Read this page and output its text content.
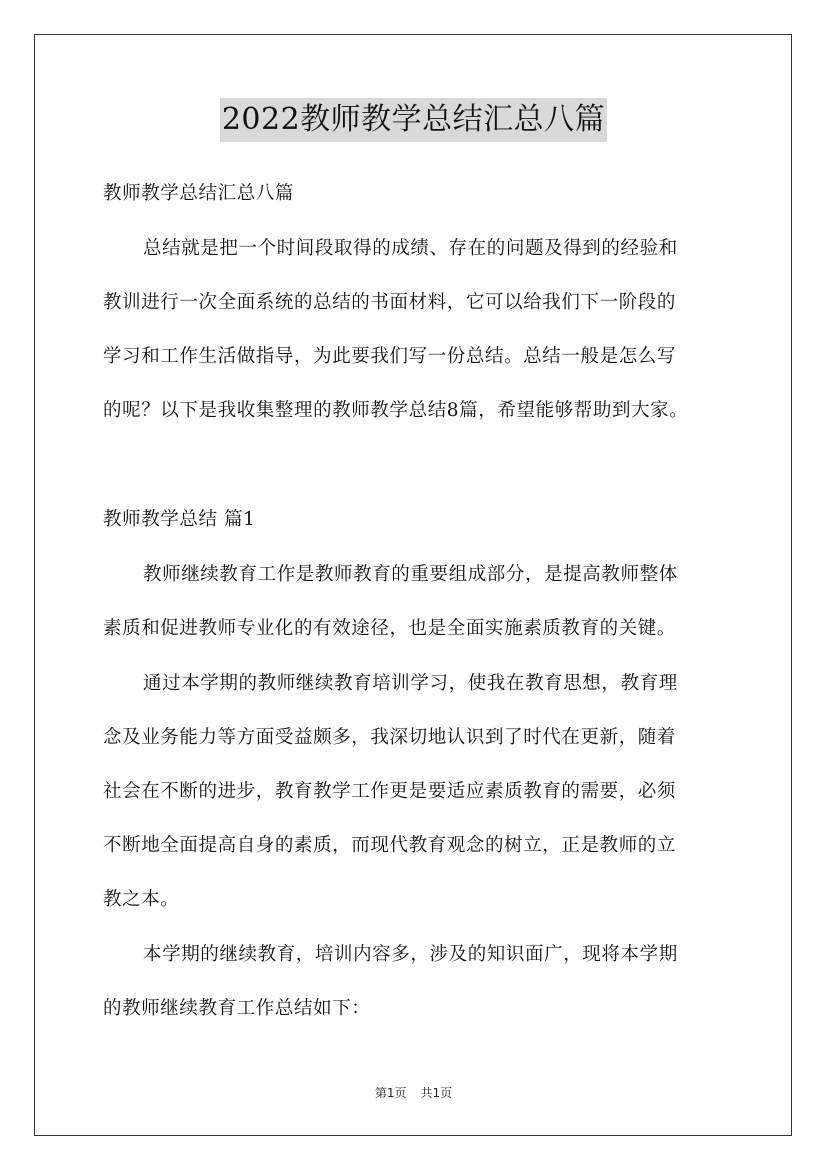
2022教师教学总结汇总八篇
教师教学总结汇总八篇
总结就是把一个时间段取得的成绩、存在的问题及得到的经验和
教训进行一次全面系统的总结的书面材料，它可以给我们下一阶段的
学习和工作生活做指导，为此要我们写一份总结。总结一般是怎么写
的呢？以下是我收集整理的教师教学总结8篇，希望能够帮助到大家。
教师教学总结 篇1
教师继续教育工作是教师教育的重要组成部分，是提高教师整体
素质和促进教师专业化的有效途径，也是全面实施素质教育的关键。
通过本学期的教师继续教育培训学习，使我在教育思想，教育理
念及业务能力等方面受益颇多，我深切地认识到了时代在更新，随着
社会在不断的进步，教育教学工作更是要适应素质教育的需要，必须
不断地全面提高自身的素质，而现代教育观念的树立，正是教师的立
教之本。
本学期的继续教育，培训内容多，涉及的知识面广，现将本学期
的教师继续教育工作总结如下：
第1页 共1页
